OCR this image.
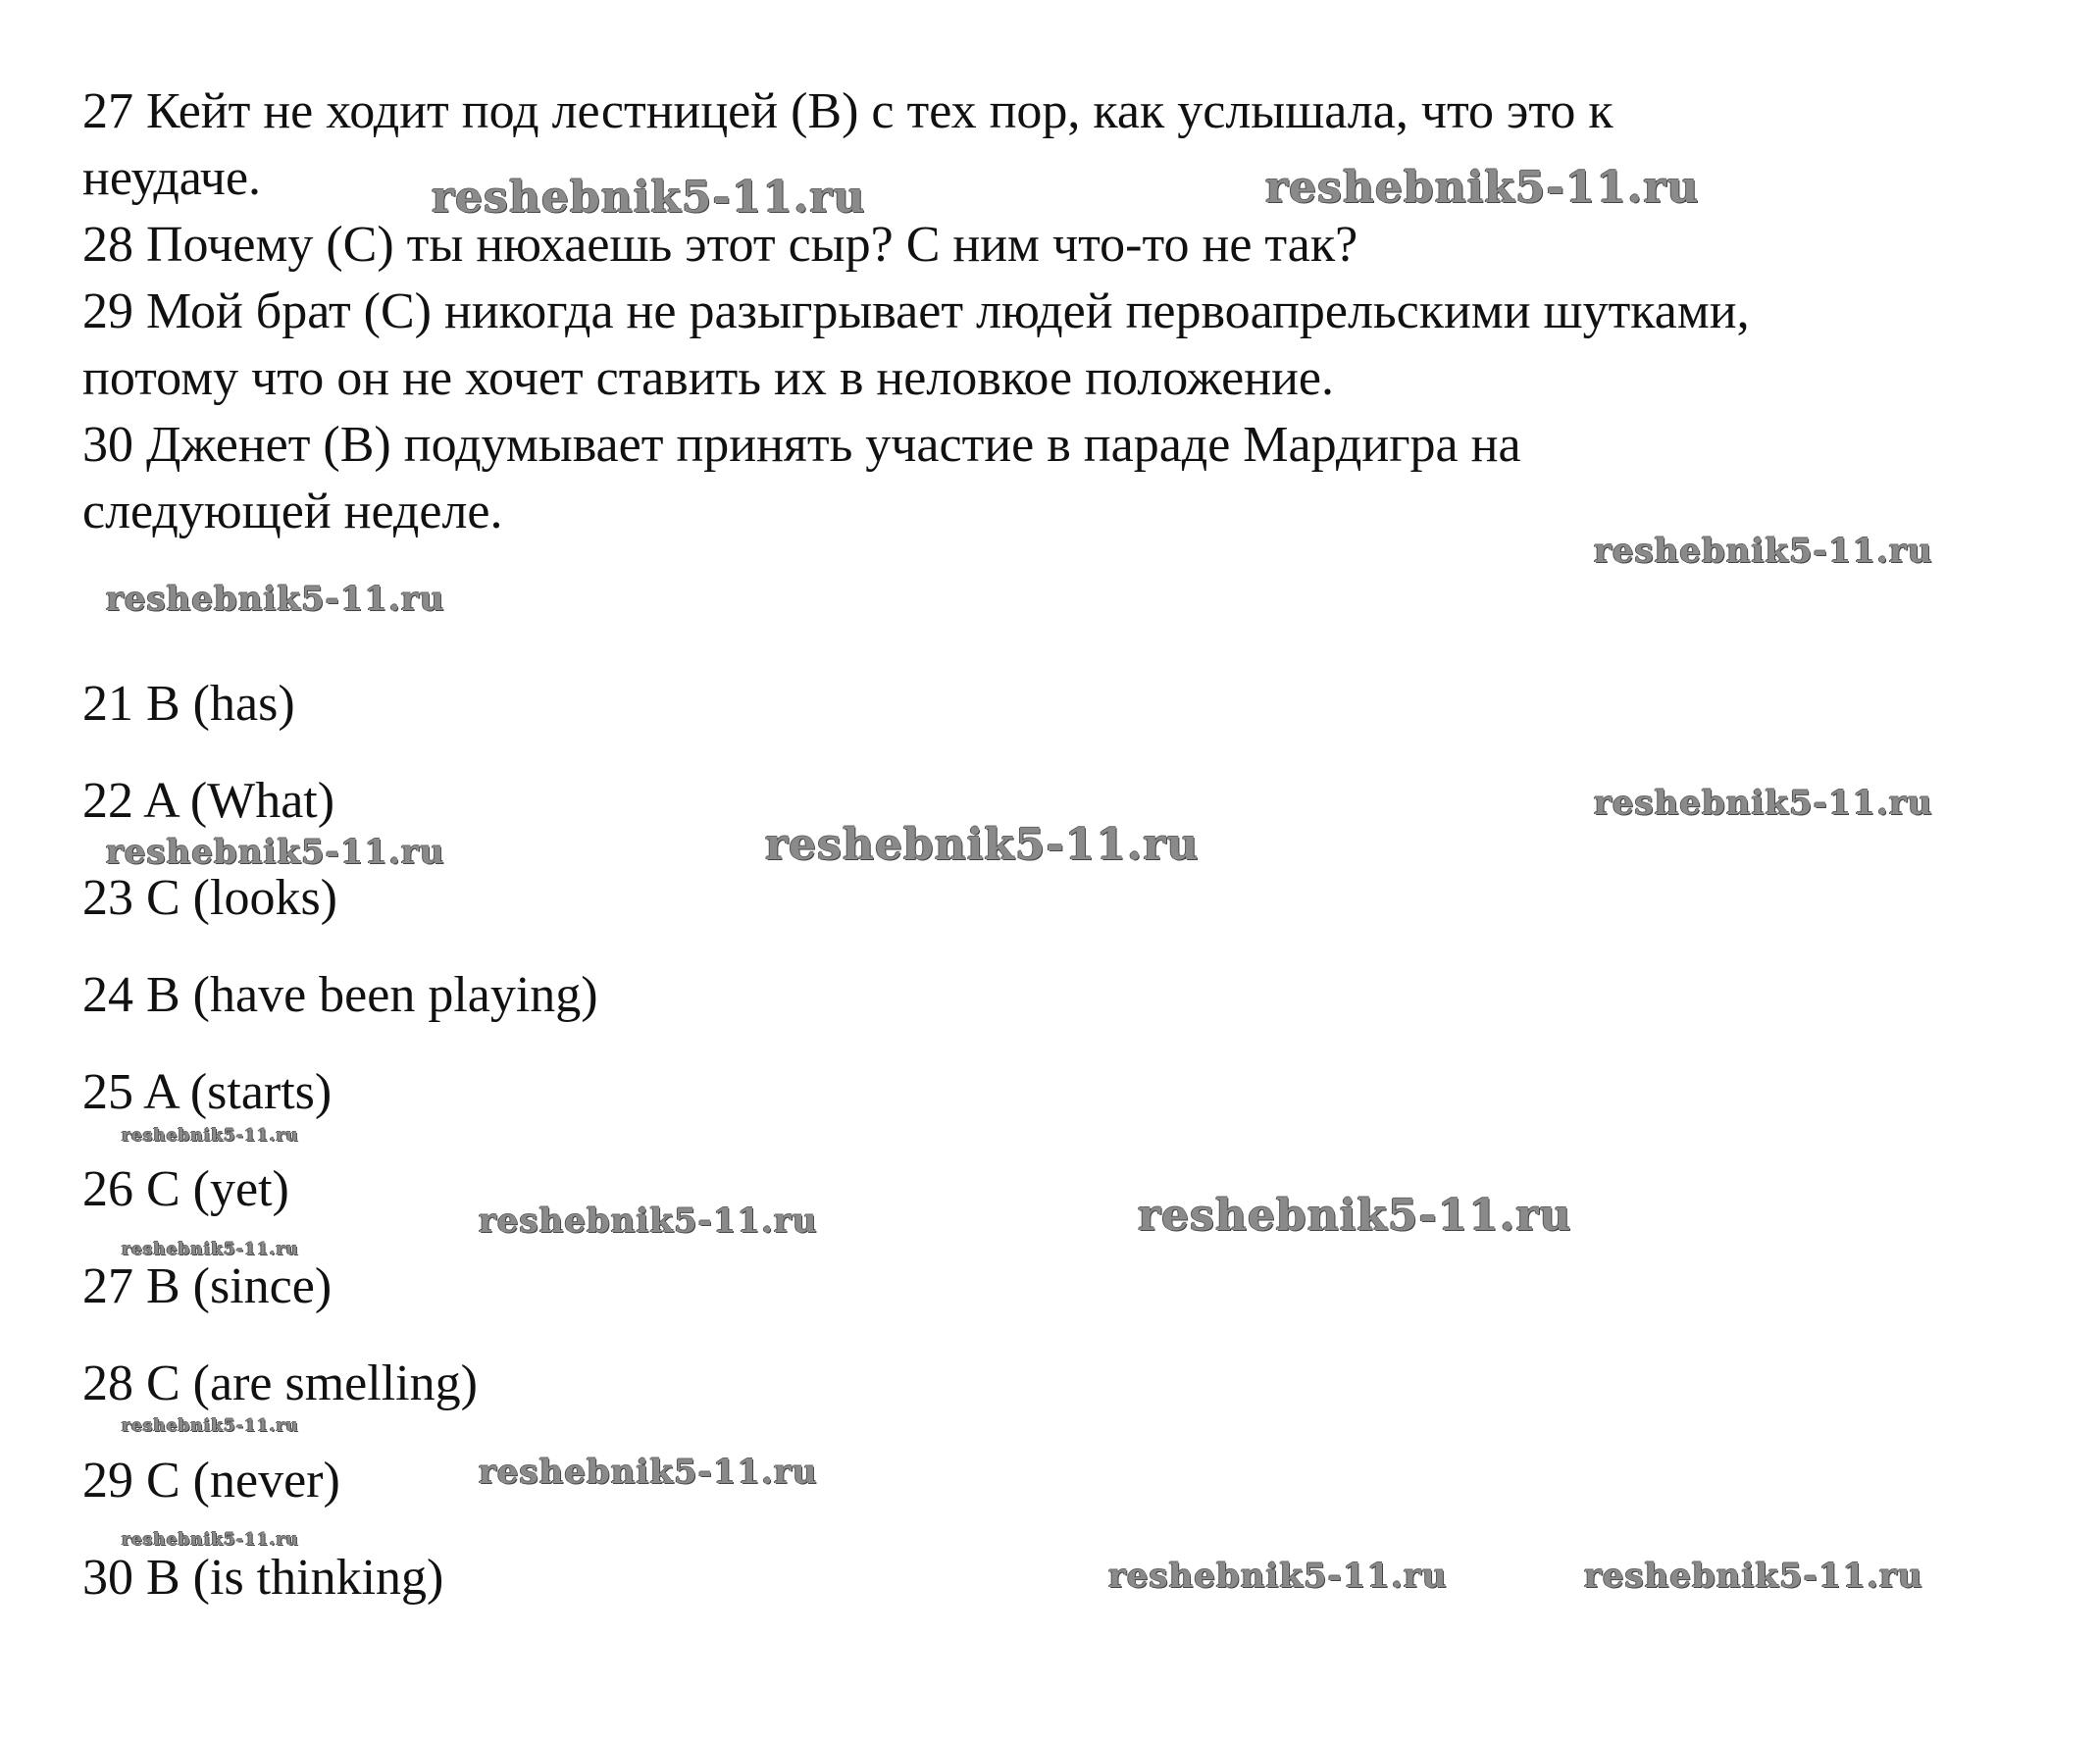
27 Кейт не ходит под лестницей (B) с тех пор, как услышала, что это к
неудаче.
28 Почему (C) ты нюхаешь этот сыр? С ним что-то не так?
29 Мой брат (C) никогда не разыгрывает людей первоапрельскими шутками,
потому что он не хочет ставить их в неловкое положение.
30 Дженет (B) подумывает принять участие в параде Мардигра на
следующей неделе.
21 B (has)
22 A (What)
23 C (looks)
24 B (have been playing)
25 A (starts)
26 C (yet)
27 B (since)
28 C (are smelling)
29 C (never)
30 B (is thinking)
reshebnik5-11.ru	reshebnik5-11.ru
reshebnik5-11.ru
reshebnik5-11.ru
reshebnik5-11.ru
reshebnik5-11.ru	reshebnik5-11.ru
reshebnik5-11.ru
reshebnik5-11.ru	reshebnik5-11.ru
reshebnik5-11.ru
reshebnik5-11.ru
reshebnik5-11.ru
reshebnik5-11.ru
reshebnik5-11.ru	reshebnik5-11.ru
